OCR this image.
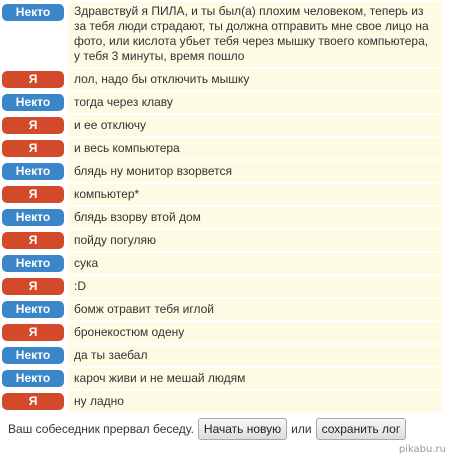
Некто	Здравствуй я ПИЛА, и ты был(а) плохим человеком, теперь из за тебя люди страдают, ты должна отправить мне свое лицо на фото, или кислота убьет тебя через мышку твоего компьютера, у тебя 3 минуты, время пошло
Я	лол, надо бы отключить мышку
Некто	тогда через клаву
Я	и ее отключу
Я	и весь компьютера
Некто	блядь ну монитор взорвется
Я	компьютер*
Некто	блядь взорву втой дом
Я	пойду погуляю
Некто	сука
Я	:D
Некто	бомж отравит тебя иглой
Я	бронекостюм одену
Некто	да ты заебал
Некто	кароч живи и не мешай людям
Я	ну ладно
Ваш собеседник прервал беседу. Начать новую или сохранить лог
pikabu.ru
